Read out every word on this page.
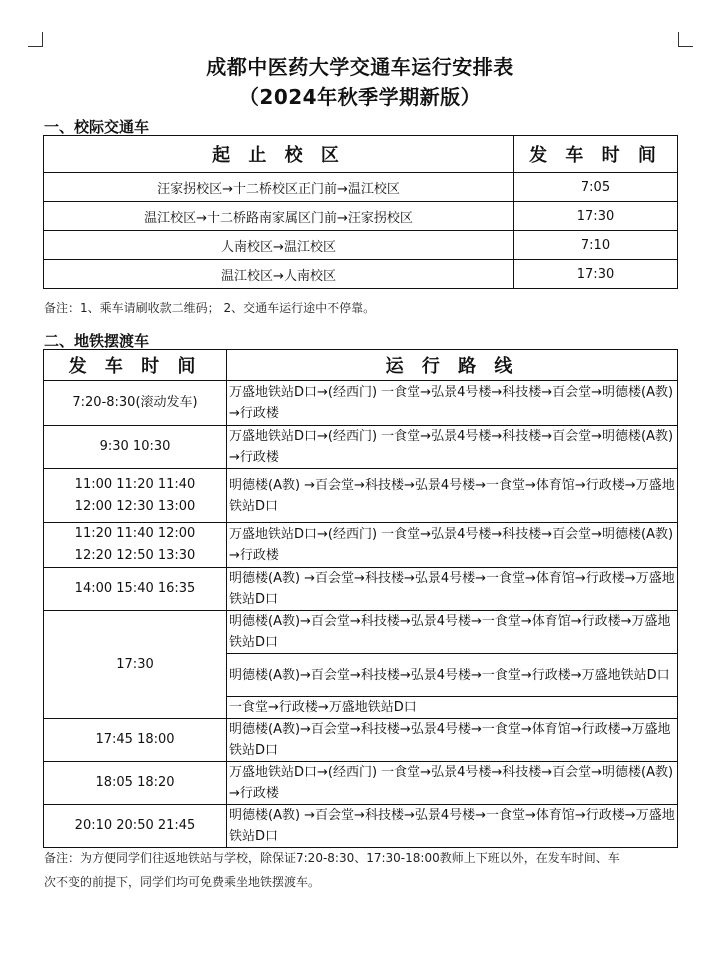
成都中医药大学交通车运行安排表
（2024年秋季学期新版）
一、校际交通车
起 止 校 区	发 车 时 间
汪家拐校区→十二桥校区正门前→温江校区	7:05
温江校区→十二桥路南家属区门前→汪家拐校区	17:30
人南校区→温江校区	7:10
温江校区→人南校区	17:30
备注：1、乘车请刷收款二维码； 2、交通车运行途中不停靠。
二、地铁摆渡车
发 车 时 间	运 行 路 线

7:20-8:30(滚动发车)	万盛地铁站D口→(经西门) 一食堂→弘景4号楼→科技楼→百会堂→明德楼(A教) →行政楼

9:30 10:30	万盛地铁站D口→(经西门) 一食堂→弘景4号楼→科技楼→百会堂→明德楼(A教) →行政楼

11:00 11:20 11:40
12:00 12:30 13:00	明德楼(A教) →百会堂→科技楼→弘景4号楼→一食堂→体育馆→行政楼→万盛地铁站D口

11:20 11:40 12:00
12:20 12:50 13:30	万盛地铁站D口→(经西门) 一食堂→弘景4号楼→科技楼→百会堂→明德楼(A教) →行政楼

14:00 15:40 16:35	明德楼(A教) →百会堂→科技楼→弘景4号楼→一食堂→体育馆→行政楼→万盛地铁站D口

17:30	明德楼(A教)→百会堂→科技楼→弘景4号楼→一食堂→体育馆→行政楼→万盛地铁站D口
	明德楼(A教)→百会堂→科技楼→弘景4号楼→一食堂→行政楼→万盛地铁站D口
	一食堂→行政楼→万盛地铁站D口

17:45 18:00	明德楼(A教)→百会堂→科技楼→弘景4号楼→一食堂→体育馆→行政楼→万盛地铁站D口

18:05 18:20	万盛地铁站D口→(经西门) 一食堂→弘景4号楼→科技楼→百会堂→明德楼(A教) →行政楼

20:10 20:50 21:45	明德楼(A教) →百会堂→科技楼→弘景4号楼→一食堂→体育馆→行政楼→万盛地铁站D口
备注：为方便同学们往返地铁站与学校，除保证7:20-8:30、17:30-18:00教师上下班以外，在发车时间、车
次不变的前提下，同学们均可免费乘坐地铁摆渡车。
